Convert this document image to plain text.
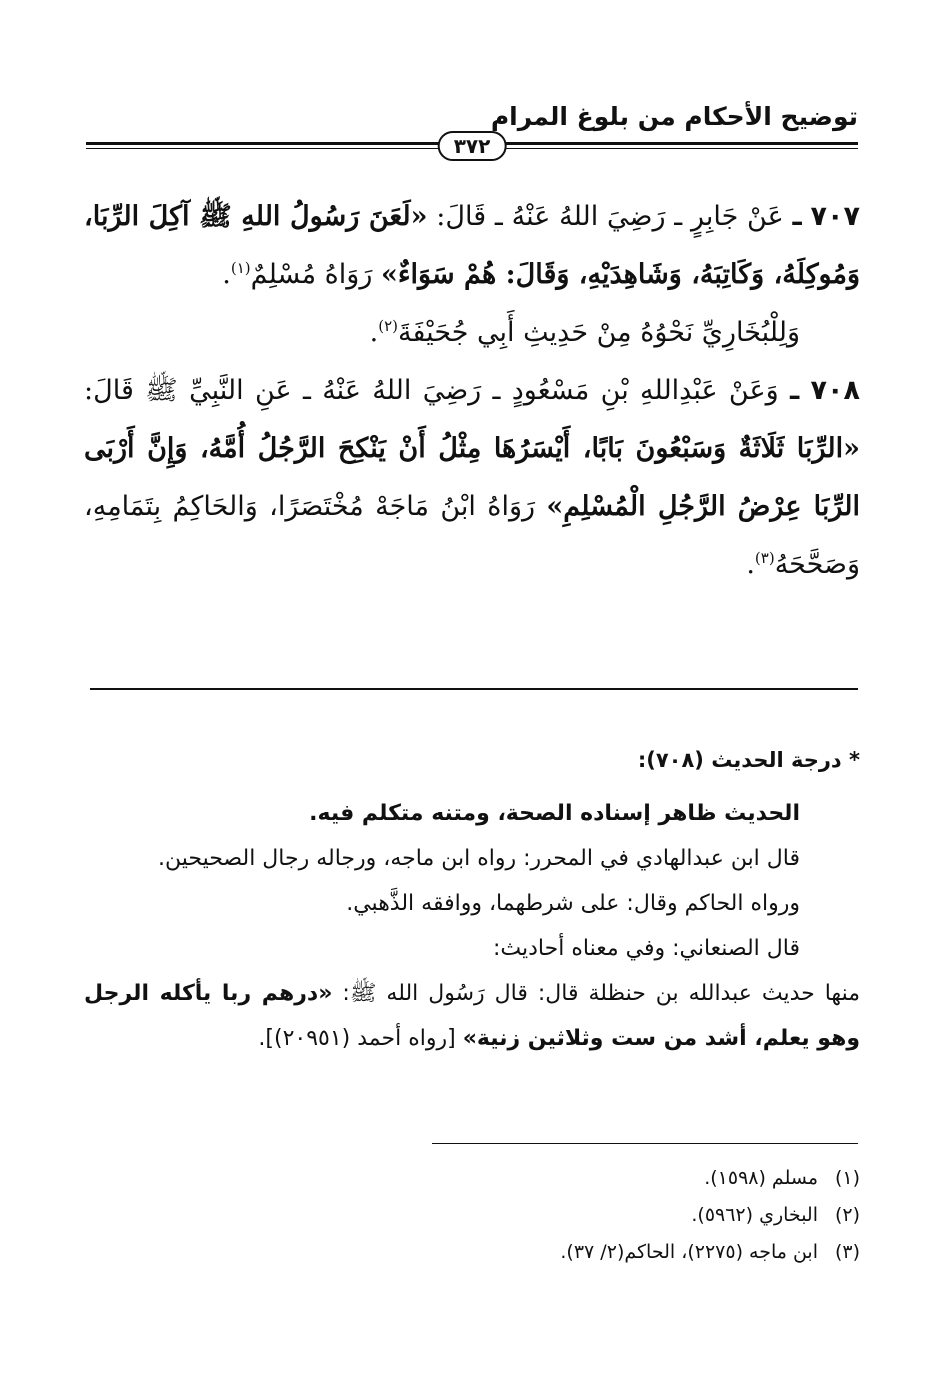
توضيح الأحكام من بلوغ المرام
٣٧٢

٧٠٧ ـ عَنْ جَابِرٍ ـ رَضِيَ اللهُ عَنْهُ ـ قَالَ: «لَعَنَ رَسُولُ اللهِ ﷺ آكِلَ الرِّبَا، وَمُوكِلَهُ، وَكَاتِبَهُ، وَشَاهِدَيْهِ، وَقَالَ: هُمْ سَوَاءٌ» رَوَاهُ مُسْلِمٌ$^{(١)}$.

وَلِلْبُخَارِيِّ نَحْوُهُ مِنْ حَدِيثِ أَبِي جُحَيْفَةَ$^{(٢)}$.

٧٠٨ ـ وَعَنْ عَبْدِاللهِ بْنِ مَسْعُودٍ ـ رَضِيَ اللهُ عَنْهُ ـ عَنِ النَّبِيِّ ﷺ قَالَ: «الرِّبَا ثَلَاثَةٌ وَسَبْعُونَ بَابًا، أَيْسَرُهَا مِثْلُ أَنْ يَنْكِحَ الرَّجُلُ أُمَّهُ، وَإِنَّ أَرْبَى الرِّبَا عِرْضُ الرَّجُلِ الْمُسْلِمِ» رَوَاهُ ابْنُ مَاجَهْ مُخْتَصَرًا، وَالحَاكِمُ بِتَمَامِهِ، وَصَحَّحَهُ$^{(٣)}$.

* درجة الحديث (٧٠٨):

الحديث ظاهر إسناده الصحة، ومتنه متكلم فيه.

قال ابن عبدالهادي في المحرر: رواه ابن ماجه، ورجاله رجال الصحيحين.

ورواه الحاكم وقال: على شرطهما، ووافقه الذَّهبي.

قال الصنعاني: وفي معناه أحاديث:

منها حديث عبدالله بن حنظلة قال: قال رَسُول الله ﷺ: «درهم ربا يأكله الرجل وهو يعلم، أشد من ست وثلاثين زنية» [رواه أحمد (٢٠٩٥١)].

(١)
مسلم (١٥٩٨).
(٢)
البخاري (٥٩٦٢).
(٣)
ابن ماجه (٢٢٧٥)، الحاكم(٢/ ٣٧).
